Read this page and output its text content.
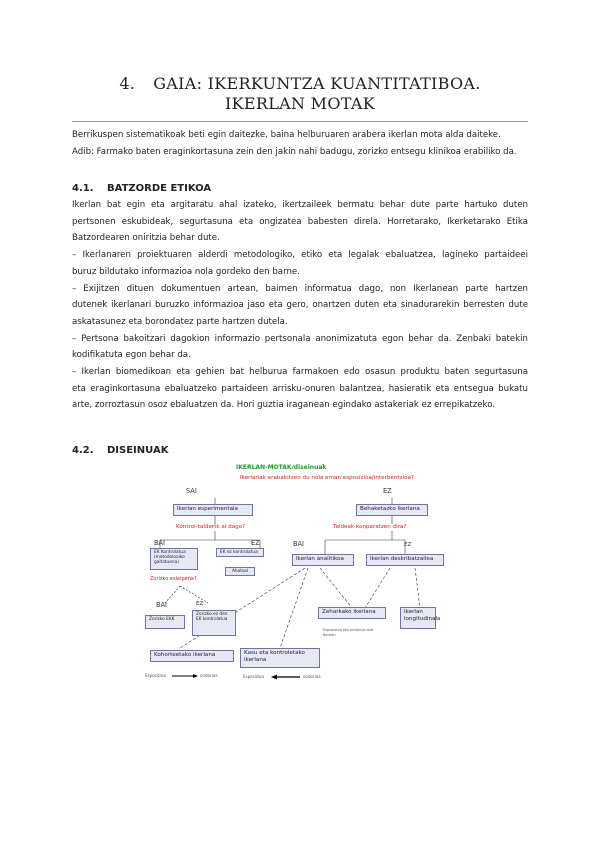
4. GAIA: IKERKUNTZA KUANTITATIBOA.
IKERLAN MOTAK
Berrikuspen sistematikoak beti egin daitezke, baina helburuaren arabera ikerlan mota alda daiteke.
Adib: Farmako baten eraginkortasuna zein den jakin nahi badugu, zorizko entsegu klinikoa erabiliko da.
4.1. BATZORDE ETIKOA
Ikerlan bat egin eta argitaratu ahal izateko, ikertzaileek bermatu behar dute parte hartuko duten
pertsonen eskubideak, segurtasuna eta ongizatea babesten direla. Horretarako, Ikerketarako Etika
Batzordearen oniritzia behar dute.
– Ikerlanaren proiektuaren alderdi metodologiko, etiko eta legalak ebaluatzea, lagineko partaideei
buruz bildutako informazioa nola gordeko den barne.
– Exijitzen dituen dokumentuen artean, baimen informatua dago, non Ikerlanean parte hartzen
dutenek ikerlanari buruzko informazioa jaso eta gero, onartzen duten eta sinadurarekin berresten dute
askatasunez eta borondatez parte hartzen dutela.
– Pertsona bakoitzari dagokion informazio pertsonala anonimizatuta egon behar da. Zenbaki batekin
kodifikatuta egon behar da.
– Ikerlan biomedikoan eta gehien bat helburua farmakoen edo osasun produktu baten segurtasuna
eta eraginkortasuna ebaluatzeko partaideen arrisku-onuren balantzea, hasieratik eta entsegua bukatu
arte, zorroztasun osoz ebaluatzen da. Hori guztia iraganean egindako astakeriak ez errepikatzeko.
4.2. DISEINUAK
IKERLAN-MOTAK/diseinuak
Ikerlariak erabakitzen du nola eman esposizioa/interbentzioa?
SAI	EZ
Ikerlan esperimentala	Behaketazko ikerlana
Kontrol-taldertk al dago?	Taldeak konparatzen dira?
BAI	EZ
EK Kontrolatua (metodoloaiko gaitatuena)
EK ez kontrolatua
Ahotsal
Zorizko esleipena?
BAI	EZ
Zorizko EKK
Zorizko ez den EK kontrolatua
BAI	EZ
Ikerlan analitikoa	Ikerlan deskribatzailea
Zeharkako ikerlana
Esposizioa eta ondorioa aldi berean
Ikerlan longitudinala
Kohorteetako ikerlana	Kasu eta kontroletako ikerlana
Esposizioa	ondorioa	Esposizioa	ondorioa
